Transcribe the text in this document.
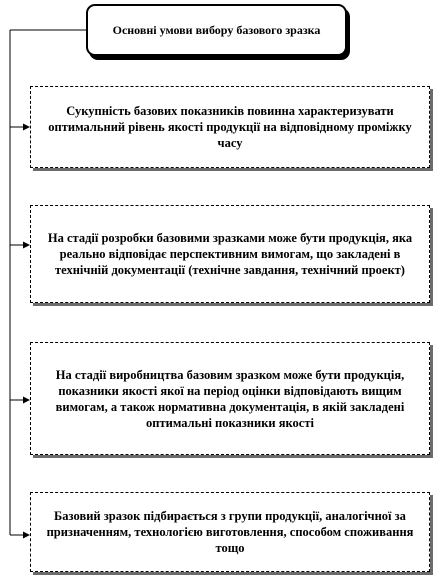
Основні умови вибору базового зразка
Сукупність базових показників повинна характеризувати оптимальний рівень якості продукції на відповідному проміжку часу
На стадії розробки базовими зразками може бути продукція, яка реально відповідає перспективним вимогам, що закладені в технічній документації (технічне завдання, технічний проект)
На стадії виробництва базовим зразком може бути продукція, показники якості якої на період оцінки відповідають вищим вимогам, а також нормативна документація, в якій закладені оптимальні показники якості
Базовий зразок підбирається з групи продукції, аналогічної за призначенням, технологією виготовлення, способом споживання тощо
